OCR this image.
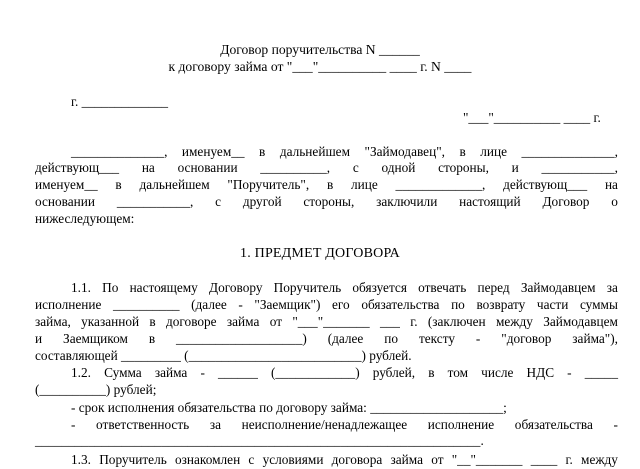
Договор поручительства N ______
к договору займа от "___"__________ ____ г. N ____
г. _____________
"___"__________ ____ г.
______________, именуем__ в дальнейшем "Займодавец", в лице ______________,
действующ___ на основании __________, с одной стороны, и ___________,
именуем__ в дальнейшем "Поручитель", в лице _____________, действующ___ на
основании ___________, с другой стороны, заключили настоящий Договор о
нижеследующем:
1. ПРЕДМЕТ ДОГОВОРА
1.1. По настоящему Договору Поручитель обязуется отвечать перед Займодавцем за
исполнение __________ (далее - "Заемщик") его обязательства по возврату части суммы
займа, указанной в договоре займа от "___"_______ ___ г. (заключен между Займодавцем
и Заемщиком в ___________________) (далее по тексту - "договор займа"),
составляющей _________ (__________________________) рублей.
1.2. Сумма займа - ______ (____________) рублей, в том числе НДС - _____
(__________) рублей;
- срок исполнения обязательства по договору займа: ____________________;
- ответственность за неисполнение/ненадлежащее исполнение обязательства -
___________________________________________________________________.
1.3. Поручитель ознакомлен с условиями договора займа от "__"_______ ____ г. между
